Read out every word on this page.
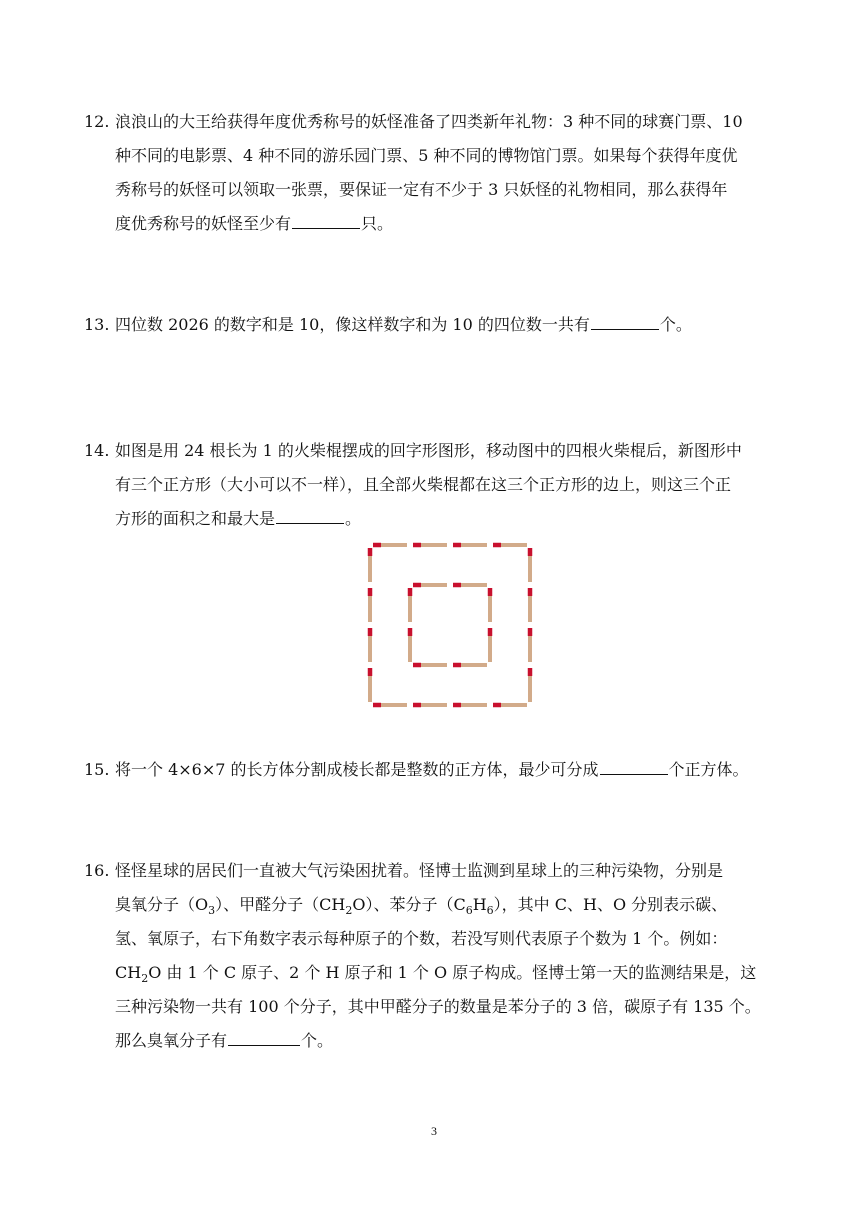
12. 浪浪山的大王给获得年度优秀称号的妖怪准备了四类新年礼物：3 种不同的球赛门票、10
种不同的电影票、4 种不同的游乐园门票、5 种不同的博物馆门票。如果每个获得年度优
秀称号的妖怪可以领取一张票，要保证一定有不少于 3 只妖怪的礼物相同，那么获得年
度优秀称号的妖怪至少有	只。
13. 四位数 2026 的数字和是 10，像这样数字和为 10 的四位数一共有	个。
14. 如图是用 24 根长为 1 的火柴棍摆成的回字形图形，移动图中的四根火柴棍后，新图形中
有三个正方形（大小可以不一样），且全部火柴棍都在这三个正方形的边上，则这三个正
方形的面积之和最大是	。
15. 将一个 4×6×7 的长方体分割成棱长都是整数的正方体，最少可分成	个正方体。
16. 怪怪星球的居民们一直被大气污染困扰着。怪博士监测到星球上的三种污染物，分别是
臭氧分子$(O_3)$、甲醛分子$(CH_2O)$、苯分子$(C_6H_6)$，其中 C、H、O 分别表示碳、
氢、氧原子，右下角数字表示每种原子的个数，若没写则代表原子个数为 1 个。例如：
$CH_2O$ 由 1 个 C 原子、2 个 H 原子和 1 个 O 原子构成。怪博士第一天的监测结果是，这
三种污染物一共有 100 个分子，其中甲醛分子的数量是苯分子的 3 倍，碳原子有 135 个。
那么臭氧分子有	个。
3
